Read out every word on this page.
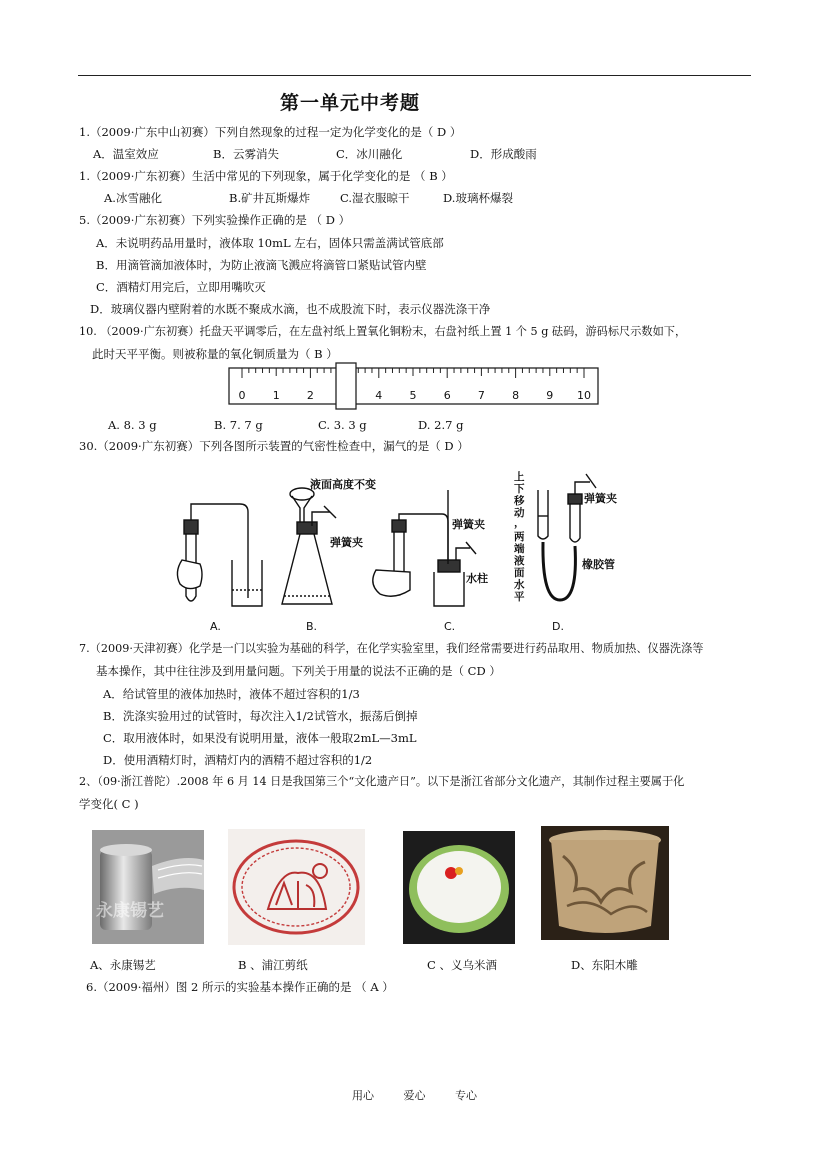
第一单元中考题
1.（2009·广东中山初赛）下列自然现象的过程一定为化学变化的是（ D ）
A．温室效应	B．云雾消失	C．冰川融化	D．形成酸雨
1.（2009·广东初赛）生活中常见的下列现象，属于化学变化的是 （ B ）
A.冰雪融化	B.矿井瓦斯爆炸	C.湿衣服晾干	D.玻璃杯爆裂
5.（2009·广东初赛）下列实验操作正确的是 （ D ）
A．未说明药品用量时，液体取 10mL 左右，固体只需盖满试管底部
B．用滴管滴加液体时，为防止液滴飞溅应将滴管口紧贴试管内壁
C．酒精灯用完后，立即用嘴吹灭
D．玻璃仪器内壁附着的水既不聚成水滴，也不成股流下时，表示仪器洗涤干净
10. （2009·广东初赛）托盘天平调零后，在左盘衬纸上置氧化铜粉末，右盘衬纸上置 1 个 5 g 砝码，游码标尺示数如下，
此时天平平衡。则被称量的氧化铜质量为（ B ）
0 1 2	4 5 6 7 8 9 10
A. 8. 3 g	B. 7. 7 g	C. 3. 3 g	D. 2.7 g
30.（2009·广东初赛）下列各图所示装置的气密性检查中，漏气的是（ D ）
液面高度不变
弹簧夹
弹簧夹
水柱
上下移动，两端液面水平
弹簧夹
橡胶管
A.	B.	C.	D.
7.（2009·天津初赛）化学是一门以实验为基础的科学，在化学实验室里，我们经常需要进行药品取用、物质加热、仪器洗涤等
基本操作，其中往往涉及到用量问题。下列关于用量的说法不正确的是（ CD ）
A．给试管里的液体加热时，液体不超过容积的1/3
B．洗涤实验用过的试管时，每次注入1/2试管水，振荡后倒掉
C．取用液体时，如果没有说明用量，液体一般取2mL—3mL
D．使用酒精灯时，酒精灯内的酒精不超过容积的1/2
2、（09·浙江普陀）.2008 年 6 月 14 日是我国第三个“文化遗产日”。以下是浙江省部分文化遗产，其制作过程主要属于化
学变化( C )
永康锡艺
A、永康锡艺	B 、浦江剪纸	C 、义乌米酒	D、东阳木雕
6.（2009·福州）图 2 所示的实验基本操作正确的是 （ A ）
用心	爱心	专心
